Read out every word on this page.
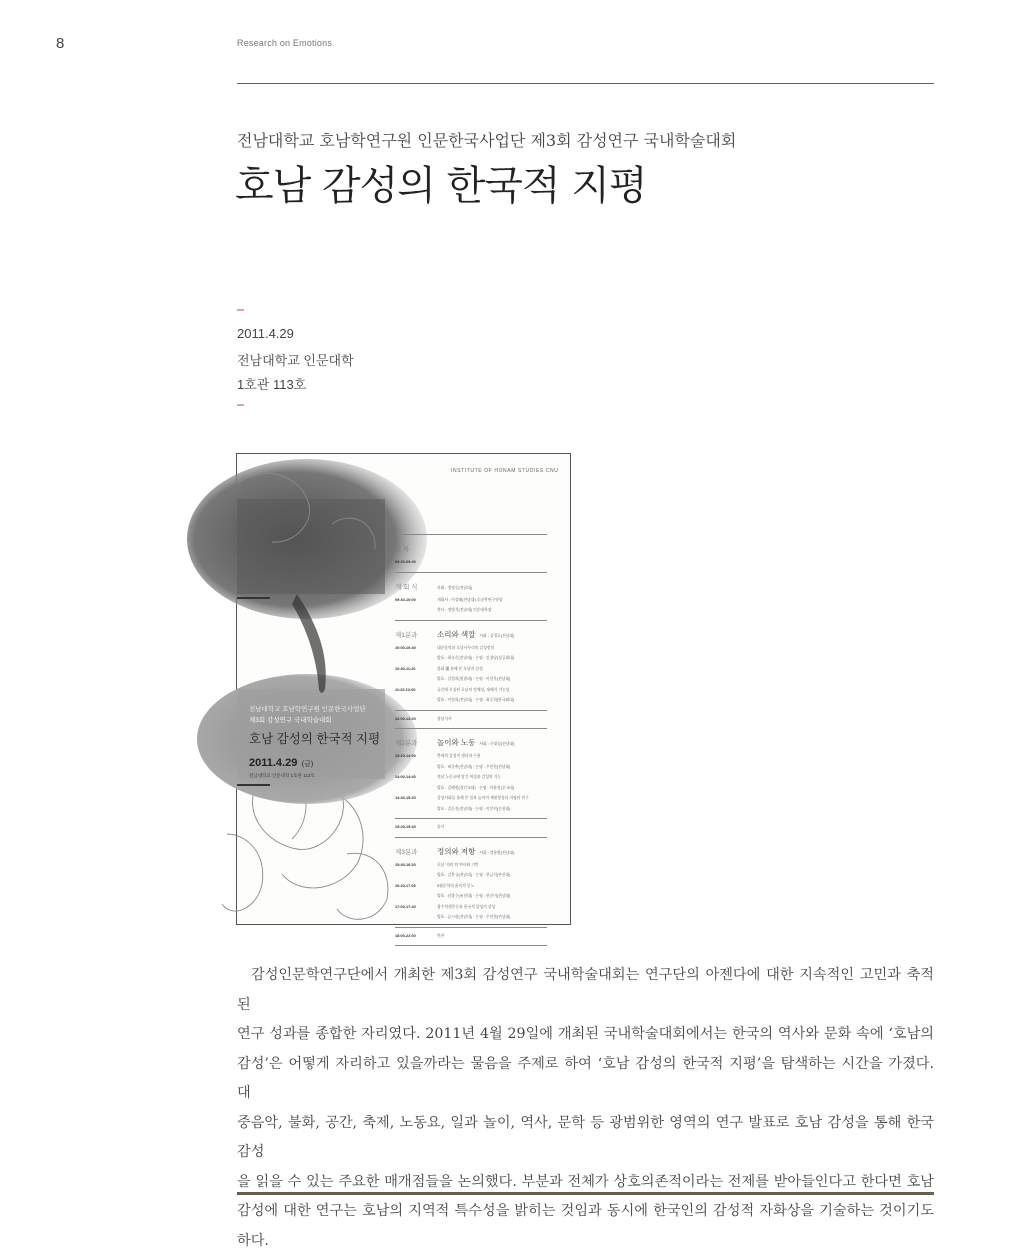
8	Research on Emotions
전남대학교 호남학연구원 인문한국사업단 제3회 감성연구 국내학술대회
호남 감성의 한국적 지평
2011.4.29
전남대학교 인문대학
1호관 113호
전남대학교 호남학연구원 인문한국사업단
제3회 감성연구 국내학술대회
호남 감성의 한국적 지평
2011.4.29 (금)
전남대학교 인문대학 1호관 113호
INSTITUTE OF HONAM STUDIES CNU
등 록
09:20-09:40
개 회 식	사회 : 정명중(전남대)
09:40-10:00	개회사 : 이강래(전남대) 호남학연구원장
축사 : 정병석(전남대) 인문대학장
제1분과	소리와 색깔 사회 : 김경호(전남대)
10:00-10:40	대중음악과 호남사투리의 감성정치
발표 : 최유준(전남대) · 논평 : 김창남(성공회대)
10:40-11:20	불화 畵 통해 본 호남의 감성
발표 : 김정희(원광대) · 논평 : 이선옥(전남대)
11:20-12:00	공간에 묵상된 호남의 정체성, 재해석 가능성
발표 : 이정희(전남대) · 논평 : 최승희(한국외대)
12:00-13:20	점심식사
제2분과	놀이와 노동 사회 : 주대성(전남대)
13:20-14:00	축제의 감성적 생산과 수용
발표 : 허중추(전남대) · 논평 : 주인한(전남대)
14:00-14:40	전남 노동요에 담긴 여성과 감성의 기능
발표 : 김혜정(경인교대) · 논평 : 이윤정(중국대)
14:40-15:20	감성사회를 통해 본 일과 놀이의 재현형성과 지평의 연구
발표 : 김동진(전남대) · 논평 : 이인직(순천대)
15:20-15:40	휴식
제3분과	정의와 저항 사회 : 정용환(전남대)
15:40-16:20	호남 ‘의리’의 역사와 기반
발표 : 김봉규(전남대) · 논평 : 한금석(부산대)
16:20-17:00	5월문학의 윤리적 분노
발표 : 남창수(조선대) · 논평 : 한순미(전남대)
17:00-17:40	광주학생운동과 한국적 감성의 감성
발표 : 류시현(전남대) · 논평 : 주인한(전남대)
18:00-22:00	만찬
감성인문학연구단에서 개최한 제3회 감성연구 국내학술대회는 연구단의 아젠다에 대한 지속적인 고민과 축적된
연구 성과를 종합한 자리였다. 2011년 4월 29일에 개최된 국내학술대회에서는 한국의 역사와 문화 속에 ‘호남의
감성’은 어떻게 자리하고 있을까라는 물음을 주제로 하여 ‘호남 감성의 한국적 지평’을 탐색하는 시간을 가졌다. 대
중음악, 불화, 공간, 축제, 노동요, 일과 놀이, 역사, 문학 등 광범위한 영역의 연구 발표로 호남 감성을 통해 한국 감성
을 읽을 수 있는 주요한 매개점들을 논의했다. 부분과 전체가 상호의존적이라는 전제를 받아들인다고 한다면 호남
감성에 대한 연구는 호남의 지역적 특수성을 밝히는 것임과 동시에 한국인의 감성적 자화상을 기술하는 것이기도
하다.
